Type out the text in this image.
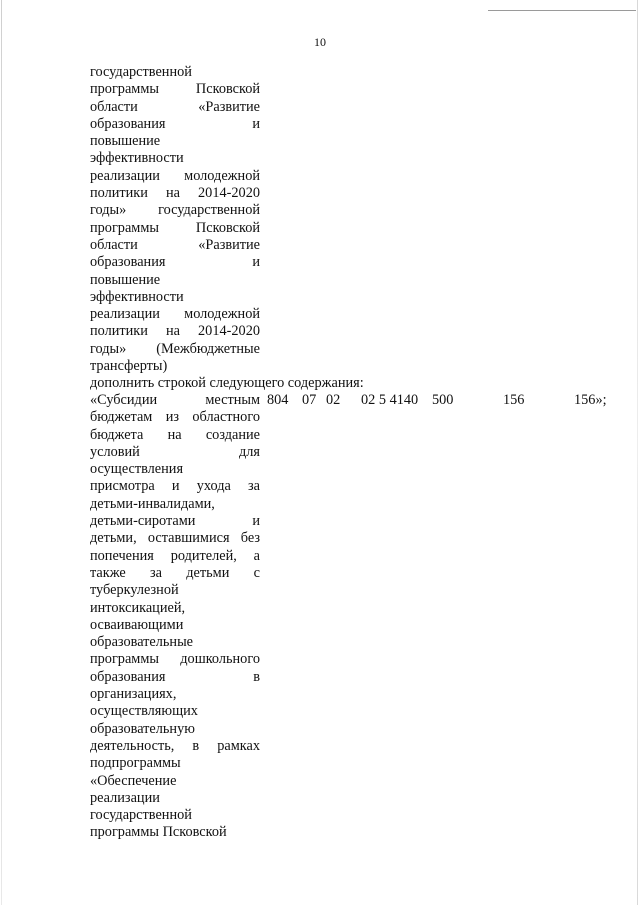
10
государственной
программы Псковской
области «Развитие
образования и
повышение
эффективности
реализации молодежной
политики на 2014-2020
годы» государственной
программы Псковской
области «Развитие
образования и
повышение
эффективности
реализации молодежной
политики на 2014-2020
годы» (Межбюджетные
трансферты)
дополнить строкой следующего содержания:
«Субсидии местным
бюджетам из областного
бюджета на создание
условий для
осуществления
присмотра и ухода за
детьми-инвалидами,
детьми-сиротами и
детьми, оставшимися без
попечения родителей, а
также за детьми с
туберкулезной
интоксикацией,
осваивающими
образовательные
программы дошкольного
образования в
организациях,
осуществляющих
образовательную
деятельность, в рамках
подпрограммы
«Обеспечение
реализации
государственной
программы Псковской
804 07 02 02 5 4140 500	156	156»;
